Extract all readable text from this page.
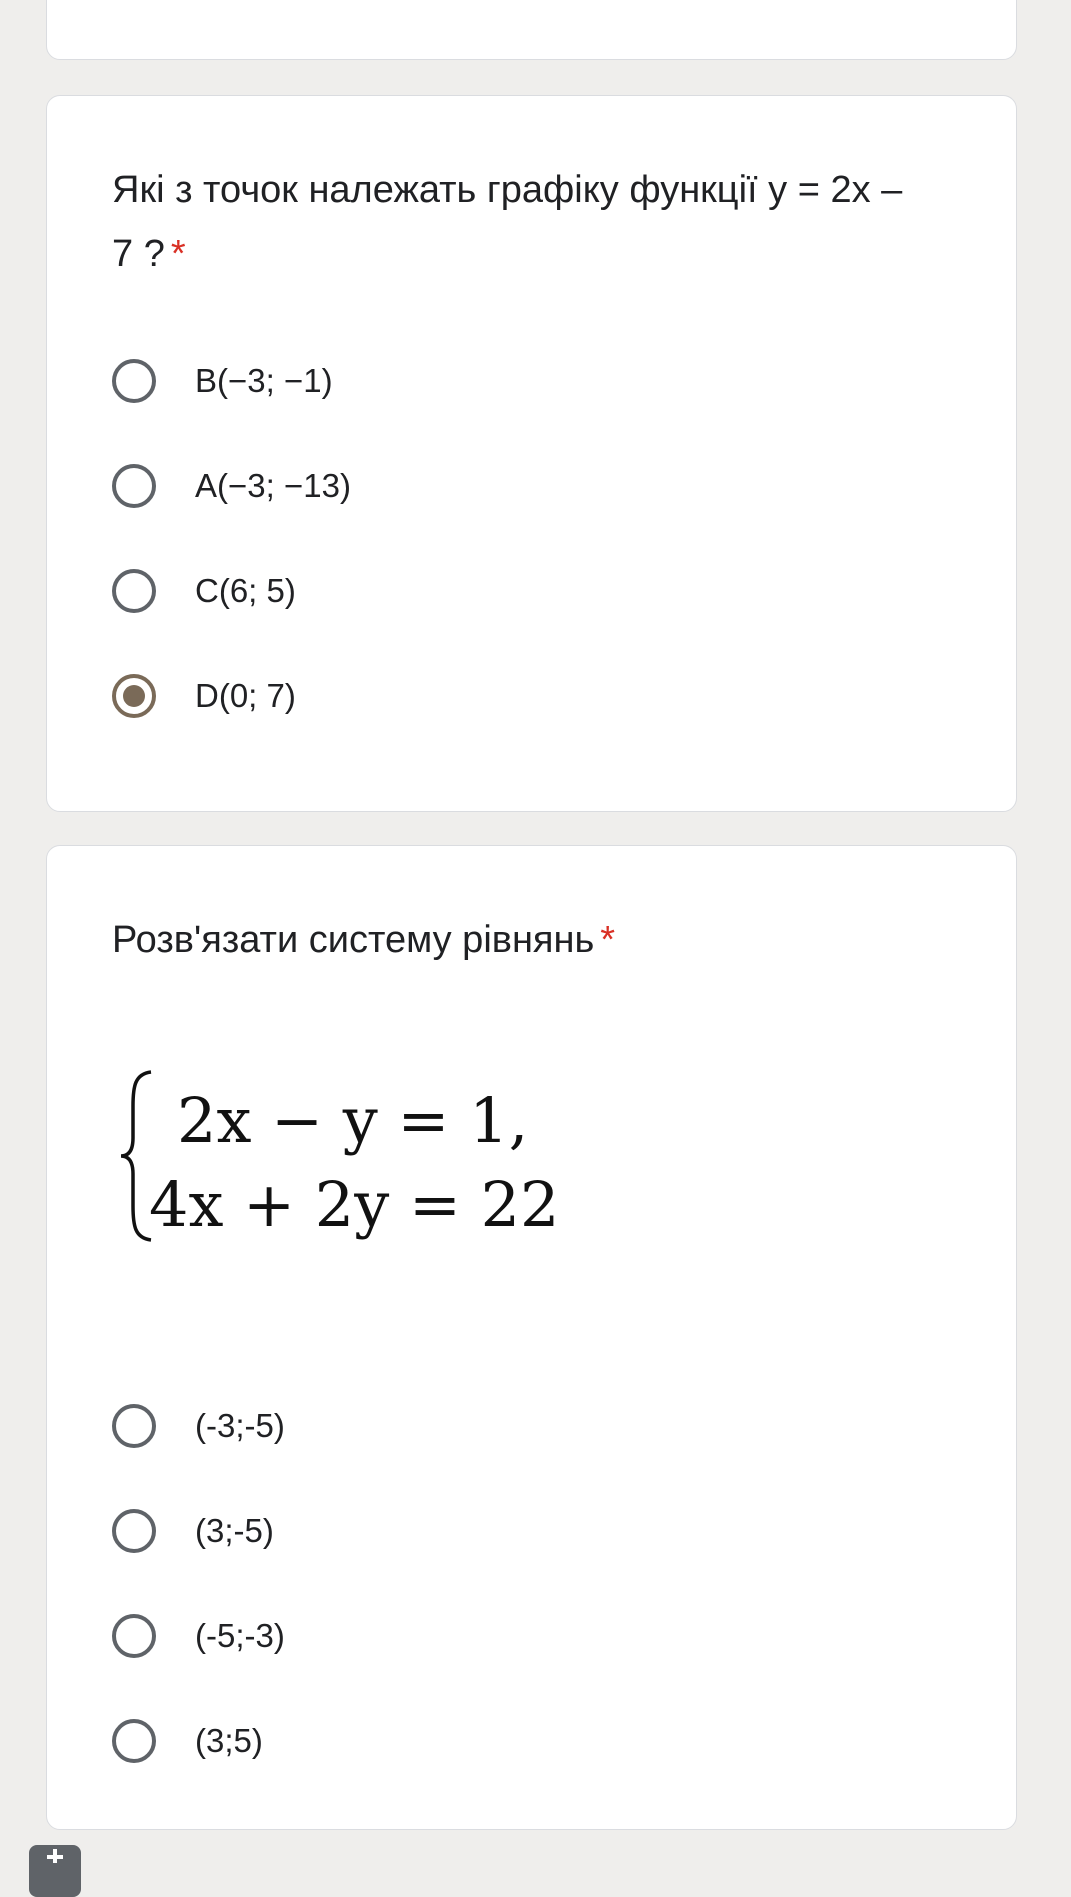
Які з точок належать графіку функції y = 2x – 7 ? *
B(−3; −1)
A(−3; −13)
C(6; 5)
D(0; 7)
Розв'язати систему рівнянь *
2x − y = 1,
4x + 2y = 22
(-3;-5)
(3;-5)
(-5;-3)
(3;5)
